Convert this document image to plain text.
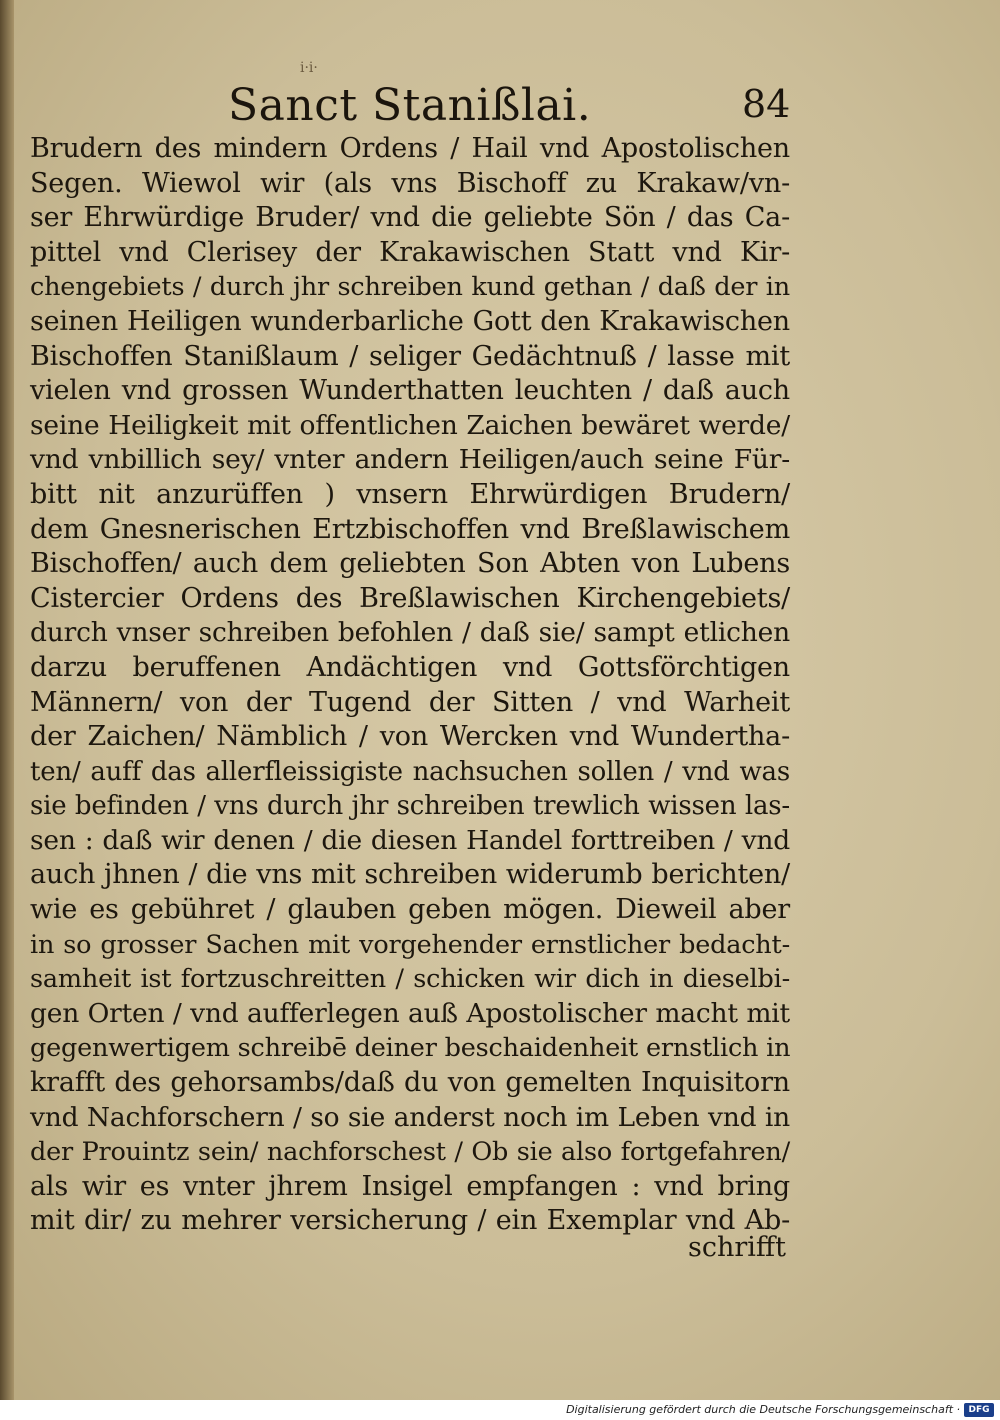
Sanct Stanißlai.	84
i·i·
Brudern des mindern Ordens / Hail vnd Apostolischen
Segen. Wiewol wir (als vns Bischoff zu Krakaw/vn-
ser Ehrwürdige Bruder/ vnd die geliebte Sön / das Ca-
pittel vnd Clerisey der Krakawischen Statt vnd Kir-
chengebiets / durch jhr schreiben kund gethan / daß der in
seinen Heiligen wunderbarliche Gott den Krakawischen
Bischoffen Stanißlaum / seliger Gedächtnuß / lasse mit
vielen vnd grossen Wunderthatten leuchten / daß auch
seine Heiligkeit mit offentlichen Zaichen bewäret werde/
vnd vnbillich sey/ vnter andern Heiligen/auch seine Für-
bitt nit anzurüffen ) vnsern Ehrwürdigen Brudern/
dem Gnesnerischen Ertzbischoffen vnd Breßlawischem
Bischoffen/ auch dem geliebten Son Abten von Lubens
Cistercier Ordens des Breßlawischen Kirchengebiets/
durch vnser schreiben befohlen / daß sie/ sampt etlichen
darzu beruffenen Andächtigen vnd Gottsförchtigen
Männern/ von der Tugend der Sitten / vnd Warheit
der Zaichen/ Nämblich / von Wercken vnd Wundertha-
ten/ auff das allerfleissigiste nachsuchen sollen / vnd was
sie befinden / vns durch jhr schreiben trewlich wissen las-
sen : daß wir denen / die diesen Handel forttreiben / vnd
auch jhnen / die vns mit schreiben widerumb berichten/
wie es gebühret / glauben geben mögen. Dieweil aber
in so grosser Sachen mit vorgehender ernstlicher bedacht-
samheit ist fortzuschreitten / schicken wir dich in dieselbi-
gen Orten / vnd aufferlegen auß Apostolischer macht mit
gegenwertigem schreibē deiner beschaidenheit ernstlich in
krafft des gehorsambs/daß du von gemelten Inquisitorn
vnd Nachforschern / so sie anderst noch im Leben vnd in
der Prouintz sein/ nachforschest / Ob sie also fortgefahren/
als wir es vnter jhrem Insigel empfangen : vnd bring
mit dir/ zu mehrer versicherung / ein Exemplar vnd Ab-
schrifft
Digitalisierung gefördert durch die Deutsche Forschungsgemeinschaft · DFG
